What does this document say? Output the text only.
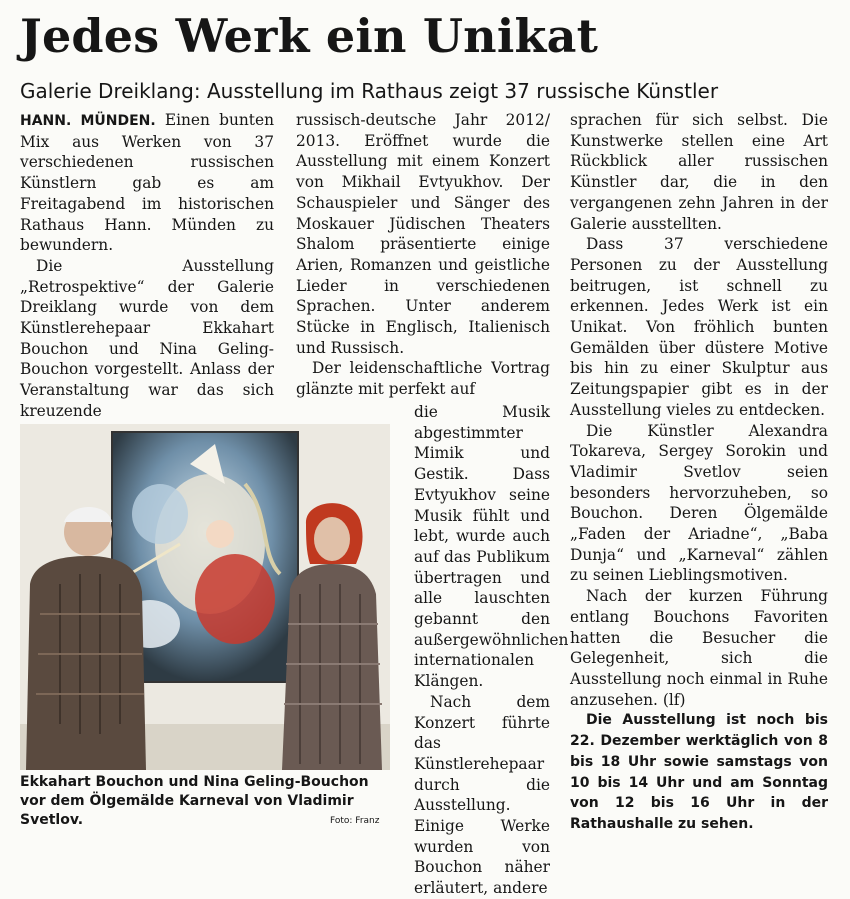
Jedes Werk ein Unikat
Galerie Dreiklang: Ausstellung im Rathaus zeigt 37 russische Künstler

HANN. MÜNDEN. Einen bunten Mix aus Werken von 37 verschiedenen russischen Künstlern gab es am Freitagabend im historischen Rathaus Hann. Münden zu bewundern.

Die Ausstellung „Retrospektive“ der Galerie Dreiklang wurde von dem Künstlerehepaar Ekkahart Bouchon und Nina Geling-Bouchon vorgestellt. Anlass der Veranstaltung war das sich kreuzende

russisch-deutsche Jahr 2012/ 2013. Eröffnet wurde die Ausstellung mit einem Konzert von Mikhail Evtyukhov. Der Schauspieler und Sänger des Moskauer Jüdischen Theaters Shalom präsentierte einige Arien, Romanzen und geistliche Lieder in verschiedenen Sprachen. Unter anderem Stücke in Englisch, Italienisch und Russisch.

Der leidenschaftliche Vortrag glänzte mit perfekt auf

die Musik abgestimmter Mimik und Gestik. Dass Evtyukhov seine Musik fühlt und lebt, wurde auch auf das Publikum übertragen und alle lauschten gebannt den außergewöhnlichen internationalen Klängen.

Nach dem Konzert führte das Künstlerehepaar durch die Ausstellung. Einige Werke wurden von Bouchon näher erläutert, andere

sprachen für sich selbst. Die Kunstwerke stellen eine Art Rückblick aller russischen Künstler dar, die in den vergangenen zehn Jahren in der Galerie ausstellten.

Dass 37 verschiedene Personen zu der Ausstellung beitrugen, ist schnell zu erkennen. Jedes Werk ist ein Unikat. Von fröhlich bunten Gemälden über düstere Motive bis hin zu einer Skulptur aus Zeitungspapier gibt es in der Ausstellung vieles zu entdecken.

Die Künstler Alexandra Tokareva, Sergey Sorokin und Vladimir Svetlov seien besonders hervorzuheben, so Bouchon. Deren Ölgemälde „Faden der Ariadne“, „Baba Dunja“ und „Karneval“ zählen zu seinen Lieblingsmotiven.

Nach der kurzen Führung entlang Bouchons Favoriten hatten die Besucher die Gelegenheit, sich die Ausstellung noch einmal in Ruhe anzusehen. (lf)

Die Ausstellung ist noch bis 22. Dezember werktäglich von 8 bis 18 Uhr sowie samstags von 10 bis 14 Uhr und am Sonntag von 12 bis 16 Uhr in der Rathaushalle zu sehen.

Ekkahart Bouchon und Nina Geling-Bouchon vor dem Ölgemälde Karneval von Vladimir Svetlov.	Foto: Franz
